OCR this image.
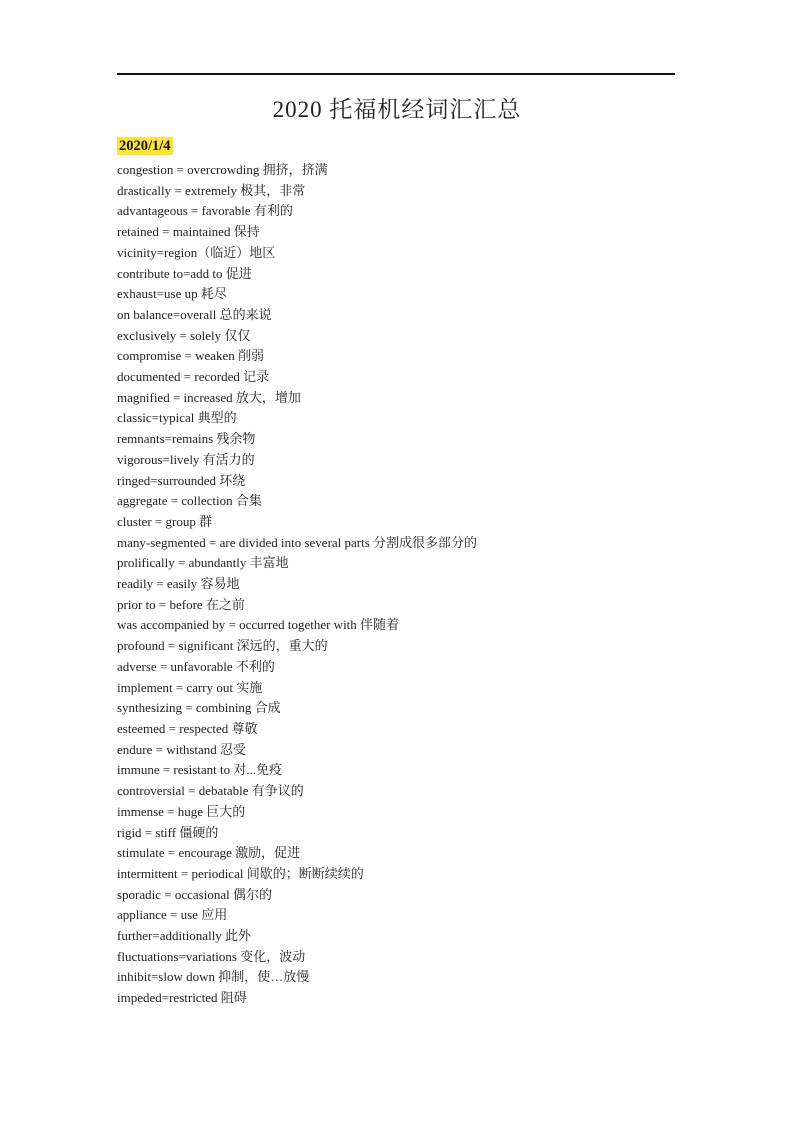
2020 托福机经词汇汇总
2020/1/4
congestion = overcrowding 拥挤，挤满
drastically = extremely 极其，非常
advantageous = favorable 有利的
retained = maintained 保持
vicinity=region（临近）地区
contribute to=add to 促进
exhaust=use up 耗尽
on balance=overall 总的来说
exclusively = solely 仅仅
compromise = weaken 削弱
documented = recorded 记录
magnified = increased 放大，增加
classic=typical 典型的
remnants=remains 残余物
vigorous=lively 有活力的
ringed=surrounded 环绕
aggregate = collection 合集
cluster = group 群
many-segmented = are divided into several parts 分割成很多部分的
prolifically = abundantly 丰富地
readily = easily 容易地
prior to = before 在之前
was accompanied by = occurred together with 伴随着
profound = significant 深远的，重大的
adverse = unfavorable 不利的
implement = carry out 实施
synthesizing = combining 合成
esteemed = respected 尊敬
endure = withstand 忍受
immune = resistant to 对...免疫
controversial = debatable 有争议的
immense = huge 巨大的
rigid = stiff 僵硬的
stimulate = encourage 激励，促进
intermittent = periodical 间歇的；断断续续的
sporadic = occasional 偶尔的
appliance = use 应用
further=additionally 此外
fluctuations=variations 变化，波动
inhibit=slow down 抑制，使…放慢
impeded=restricted 阻碍
